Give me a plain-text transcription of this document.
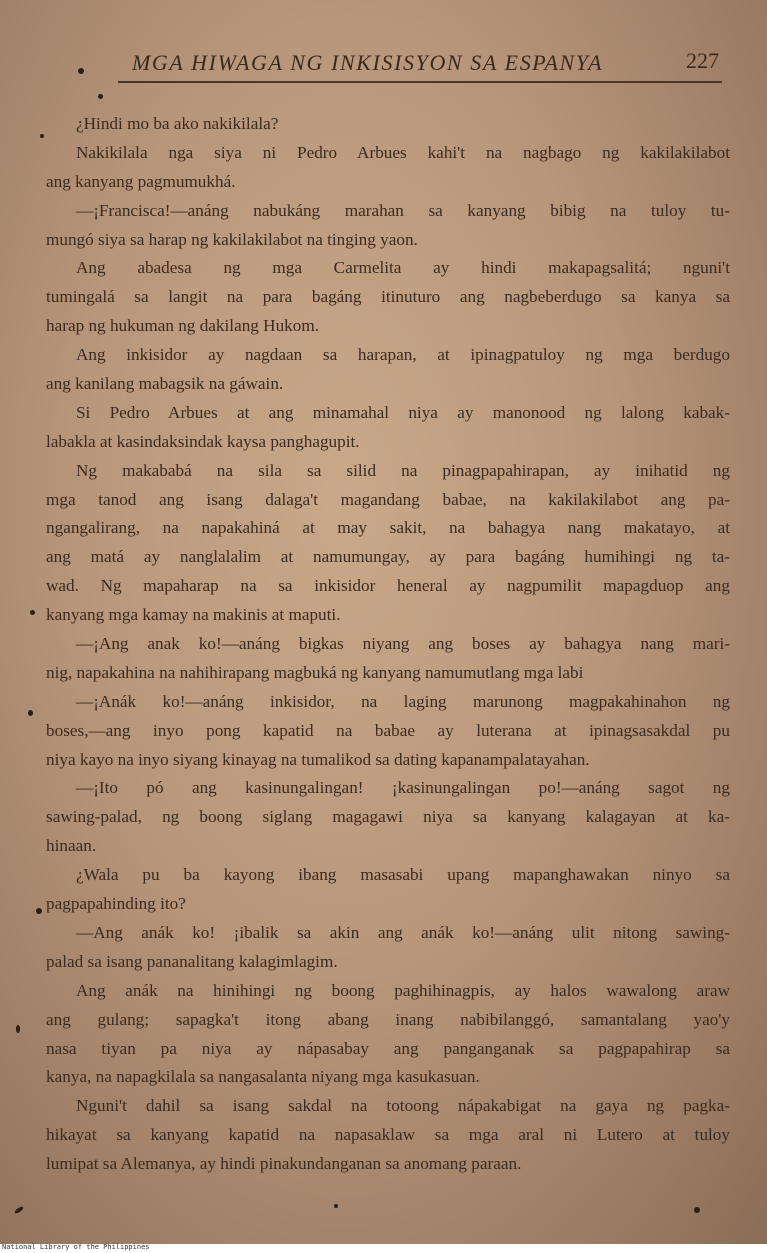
MGA HIWAGA NG INKISISYON SA ESPANYA	227
¿Hindi mo ba ako nakikilala?
Nakikilala nga siya ni Pedro Arbues kahi't na nagbago ng kakilakilabot
ang kanyang pagmumukhá.
—¡Francisca!—anáng nabukáng marahan sa kanyang bibig na tuloy tu-
mungó siya sa harap ng kakilakilabot na tinging yaon.
Ang abadesa ng mga Carmelita ay hindi makapagsalitá; nguni't
tumingalá sa langit na para bagáng itinuturo ang nagbeberdugo sa kanya sa
harap ng hukuman ng dakilang Hukom.
Ang inkisidor ay nagdaan sa harapan, at ipinagpatuloy ng mga berdugo
ang kanilang mabagsik na gáwain.
Si Pedro Arbues at ang minamahal niya ay manonood ng lalong kabak-
labakla at kasindaksindak kaysa panghagupit.
Ng makababá na sila sa silid na pinagpapahirapan, ay inihatid ng
mga tanod ang isang dalaga't magandang babae, na kakilakilabot ang pa-
ngangalirang, na napakahiná at may sakit, na bahagya nang makatayo, at
ang matá ay nanglalalim at namumungay, ay para bagáng humihingi ng ta-
wad. Ng mapaharap na sa inkisidor heneral ay nagpumilit mapagduop ang
kanyang mga kamay na makinis at maputi.
—¡Ang anak ko!—anáng bigkas niyang ang boses ay bahagya nang mari-
nig, napakahina na nahihirapang magbuká ng kanyang namumutlang mga labi
—¡Anák ko!—anáng inkisidor, na laging marunong magpakahinahon ng
boses,—ang inyo pong kapatid na babae ay luterana at ipinagsasakdal pu
niya kayo na inyo siyang kinayag na tumalikod sa dating kapanampalatayahan.
—¡Ito pó ang kasinungalingan! ¡kasinungalingan po!—anáng sagot ng
sawing-palad, ng boong siglang magagawi niya sa kanyang kalagayan at ka-
hinaan.
¿Wala pu ba kayong ibang masasabi upang mapanghawakan ninyo sa
pagpapahinding ito?
—Ang anák ko! ¡ibalik sa akin ang anák ko!—anáng ulit nitong sawing-
palad sa isang pananalitang kalagimlagim.
Ang anák na hinihingi ng boong paghihinagpis, ay halos wawalong araw
ang gulang; sapagka't itong abang inang nabibilanggó, samantalang yao'y
nasa tiyan pa niya ay nápasabay ang panganganak sa pagpapahirap sa
kanya, na napagkilala sa nangasalanta niyang mga kasukasuan.
Nguni't dahil sa isang sakdal na totoong nápakabigat na gaya ng pagka-
hikayat sa kanyang kapatid na napasaklaw sa mga aral ni Lutero at tuloy
lumipat sa Alemanya, ay hindi pinakundanganan sa anomang paraan.
National Library of the Philippines
